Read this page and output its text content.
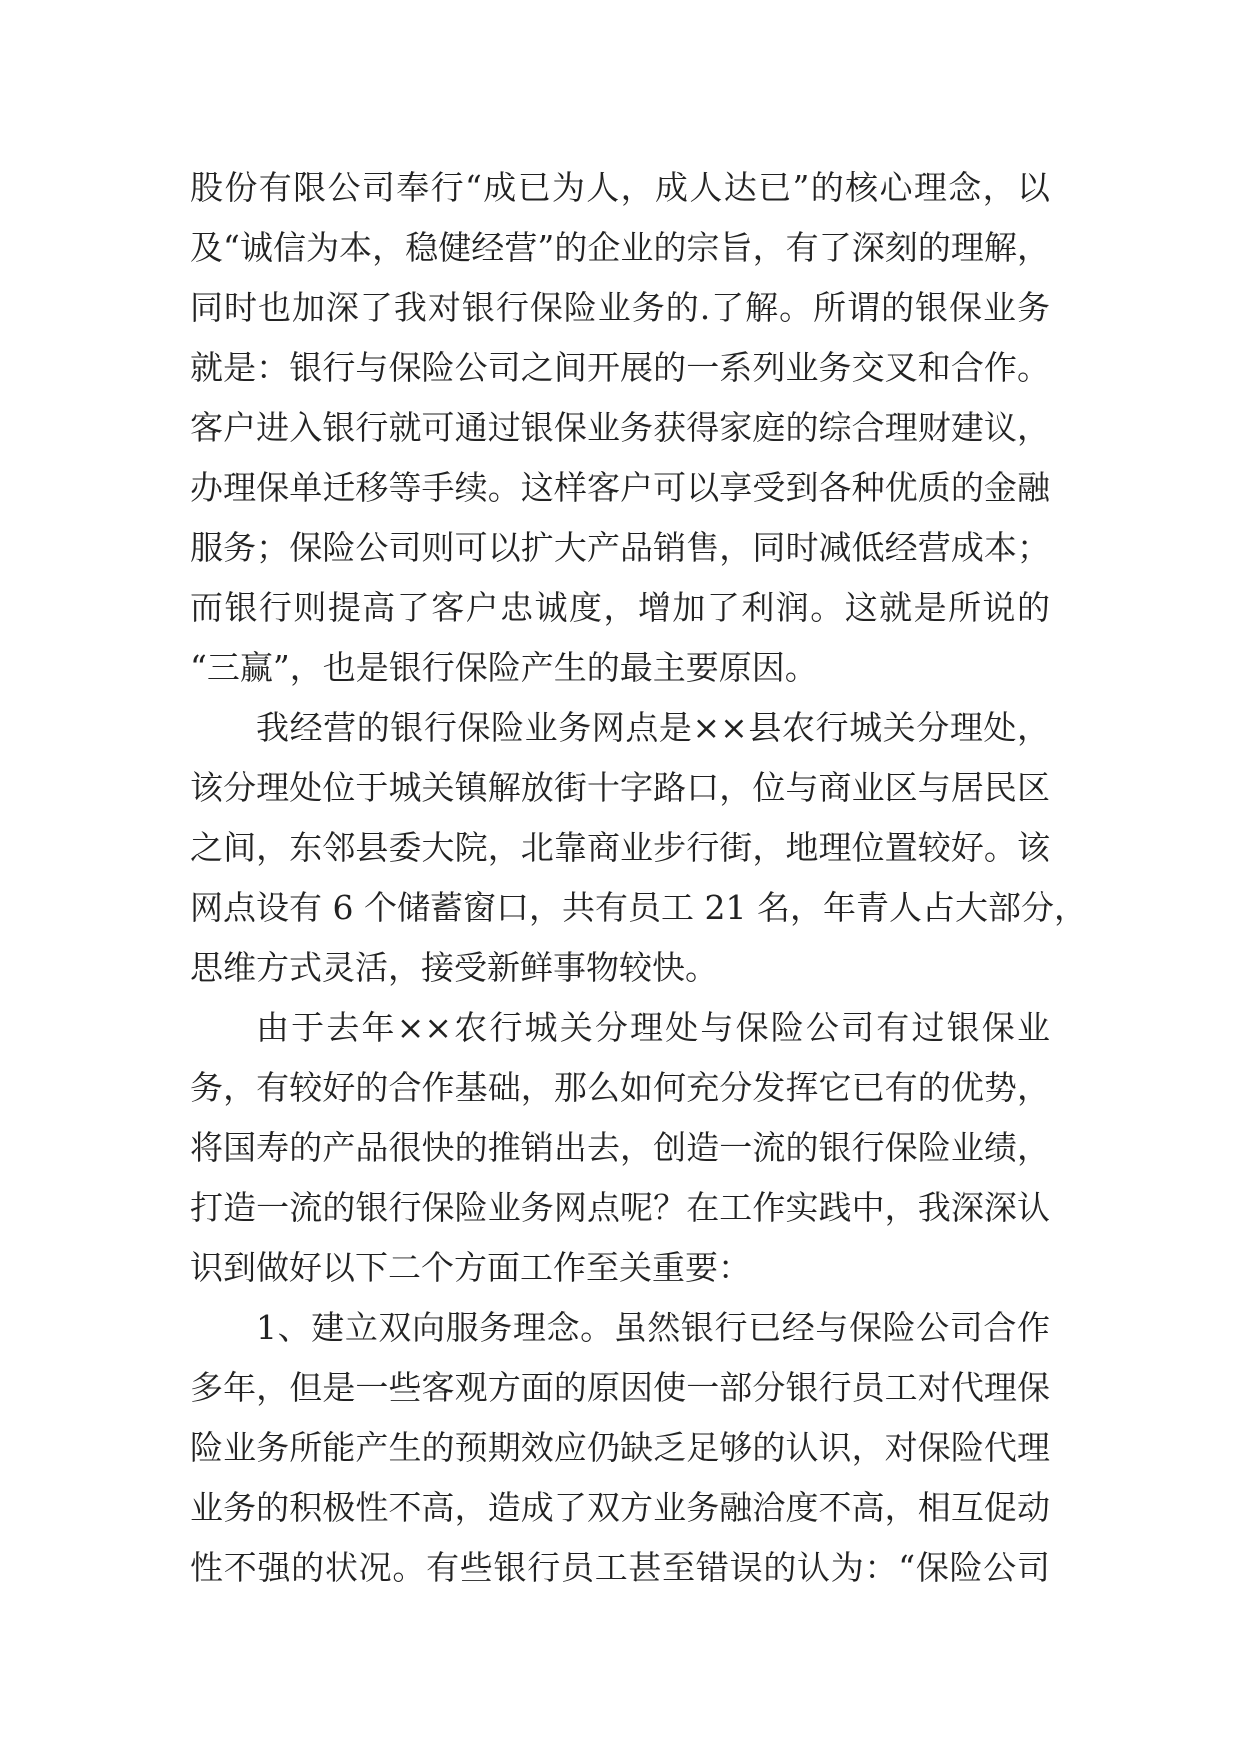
股份有限公司奉行“成已为人，成人达已”的核心理念，以
及“诚信为本，稳健经营”的企业的宗旨，有了深刻的理解，
同时也加深了我对银行保险业务的.了解。所谓的银保业务
就是：银行与保险公司之间开展的一系列业务交叉和合作。
客户进入银行就可通过银保业务获得家庭的综合理财建议，
办理保单迁移等手续。这样客户可以享受到各种优质的金融
服务；保险公司则可以扩大产品销售，同时减低经营成本；
而银行则提高了客户忠诚度，增加了利润。这就是所说的
“三赢”，也是银行保险产生的最主要原因。
我经营的银行保险业务网点是××县农行城关分理处，
该分理处位于城关镇解放街十字路口，位与商业区与居民区
之间，东邻县委大院，北靠商业步行街，地理位置较好。该
网点设有 6 个储蓄窗口，共有员工 21 名，年青人占大部分，
思维方式灵活，接受新鲜事物较快。
由于去年××农行城关分理处与保险公司有过银保业
务，有较好的合作基础，那么如何充分发挥它已有的优势，
将国寿的产品很快的推销出去，创造一流的银行保险业绩，
打造一流的银行保险业务网点呢？在工作实践中，我深深认
识到做好以下二个方面工作至关重要：
1、建立双向服务理念。虽然银行已经与保险公司合作
多年，但是一些客观方面的原因使一部分银行员工对代理保
险业务所能产生的预期效应仍缺乏足够的认识，对保险代理
业务的积极性不高，造成了双方业务融洽度不高，相互促动
性不强的状况。有些银行员工甚至错误的认为：“保险公司
